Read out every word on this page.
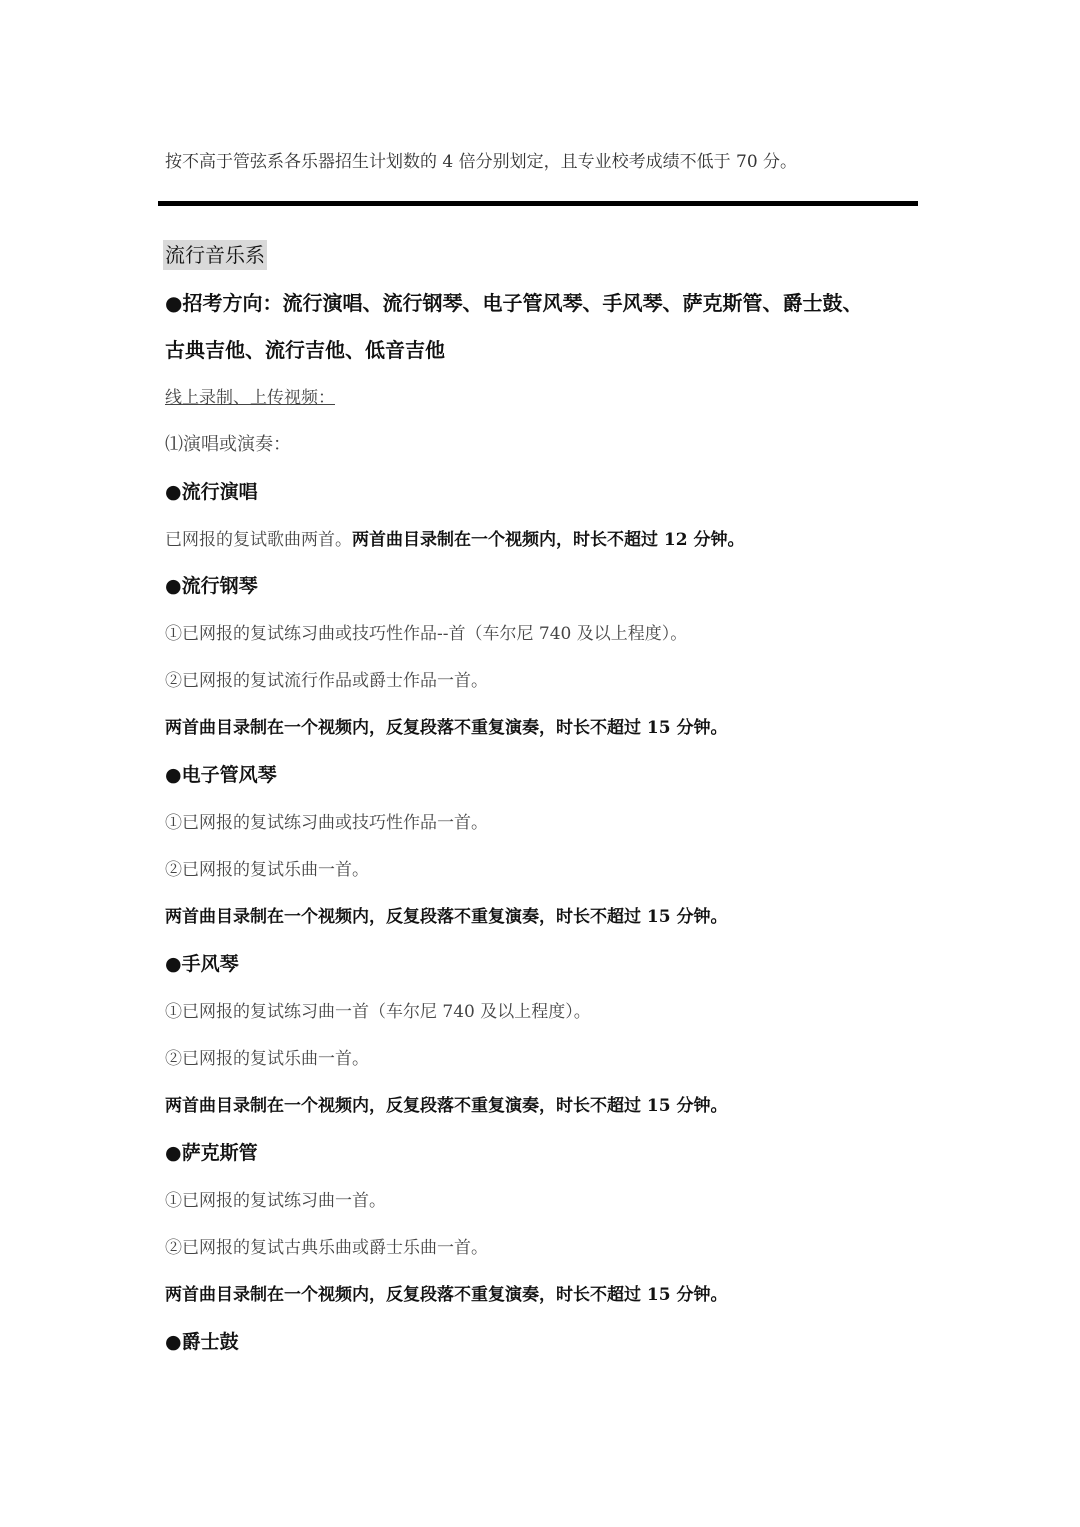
按不高于管弦系各乐器招生计划数的 4 倍分别划定，且专业校考成绩不低于 70 分。
流行音乐系
●招考方向：流行演唱、流行钢琴、电子管风琴、手风琴、萨克斯管、爵士鼓、
古典吉他、流行吉他、低音吉他
线上录制、上传视频：
⑴演唱或演奏：
●流行演唱
已网报的复试歌曲两首。两首曲目录制在一个视频内，时长不超过 12 分钟。
●流行钢琴
①已网报的复试练习曲或技巧性作品--首（车尔尼 740 及以上程度）。
②已网报的复试流行作品或爵士作品一首。
两首曲目录制在一个视频内，反复段落不重复演奏，时长不超过 15 分钟。
●电子管风琴
①已网报的复试练习曲或技巧性作品一首。
②已网报的复试乐曲一首。
两首曲目录制在一个视频内，反复段落不重复演奏，时长不超过 15 分钟。
●手风琴
①已网报的复试练习曲一首（车尔尼 740 及以上程度）。
②已网报的复试乐曲一首。
两首曲目录制在一个视频内，反复段落不重复演奏，时长不超过 15 分钟。
●萨克斯管
①已网报的复试练习曲一首。
②已网报的复试古典乐曲或爵士乐曲一首。
两首曲目录制在一个视频内，反复段落不重复演奏，时长不超过 15 分钟。
●爵士鼓
